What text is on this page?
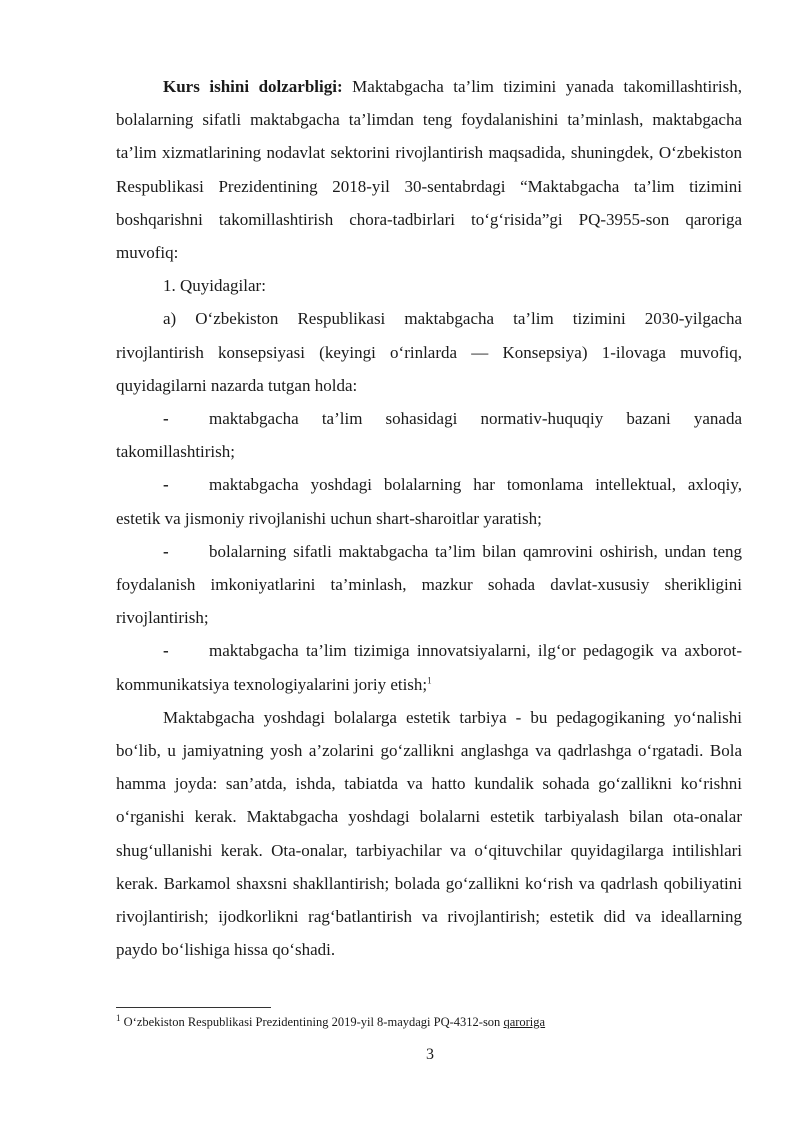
Kurs ishini dolzarbligi: Maktabgacha ta’lim tizimini yanada takomillashtirish, bolalarning sifatli maktabgacha ta’limdan teng foydalanishini ta’minlash, maktabgacha ta’lim xizmatlarining nodavlat sektorini rivojlantirish maqsadida, shuningdek, O‘zbekiston Respublikasi Prezidentining 2018-yil 30-sentabrdagi “Maktabgacha ta’lim tizimini boshqarishni takomillashtirish chora-tadbirlari to‘g‘risida”gi PQ-3955-son qaroriga muvofiq:

1. Quyidagilar:

a) O‘zbekiston Respublikasi maktabgacha ta’lim tizimini 2030-yilgacha rivojlantirish konsepsiyasi (keyingi o‘rinlarda — Konsepsiya) 1-ilovaga muvofiq, quyidagilarni nazarda tutgan holda:

- maktabgacha ta’lim sohasidagi normativ-huquqiy bazani yanada takomillashtirish;

- maktabgacha yoshdagi bolalarning har tomonlama intellektual, axloqiy, estetik va jismoniy rivojlanishi uchun shart-sharoitlar yaratish;

- bolalarning sifatli maktabgacha ta’lim bilan qamrovini oshirish, undan teng foydalanish imkoniyatlarini ta’minlash, mazkur sohada davlat-xususiy sherikligini rivojlantirish;

- maktabgacha ta’lim tizimiga innovatsiyalarni, ilg‘or pedagogik va axborot-kommunikatsiya texnologiyalarini joriy etish;$^1$

Maktabgacha yoshdagi bolalarga estetik tarbiya - bu pedagogikaning yo‘nalishi bo‘lib, u jamiyatning yosh a’zolarini go‘zallikni anglashga va qadrlashga o‘rgatadi. Bola hamma joyda: san’atda, ishda, tabiatda va hatto kundalik sohada go‘zallikni ko‘rishni o‘rganishi kerak. Maktabgacha yoshdagi bolalarni estetik tarbiyalash bilan ota-onalar shug‘ullanishi kerak. Ota-onalar, tarbiyachilar va o‘qituvchilar quyidagilarga intilishlari kerak. Barkamol shaxsni shakllantirish; bolada go‘zallikni ko‘rish va qadrlash qobiliyatini rivojlantirish; ijodkorlikni rag‘batlantirish va rivojlantirish; estetik did va ideallarning paydo bo‘lishiga hissa qo‘shadi.

$^1$ O‘zbekiston Respublikasi Prezidentining 2019-yil 8-maydagi PQ-4312-son qaroriga
3
